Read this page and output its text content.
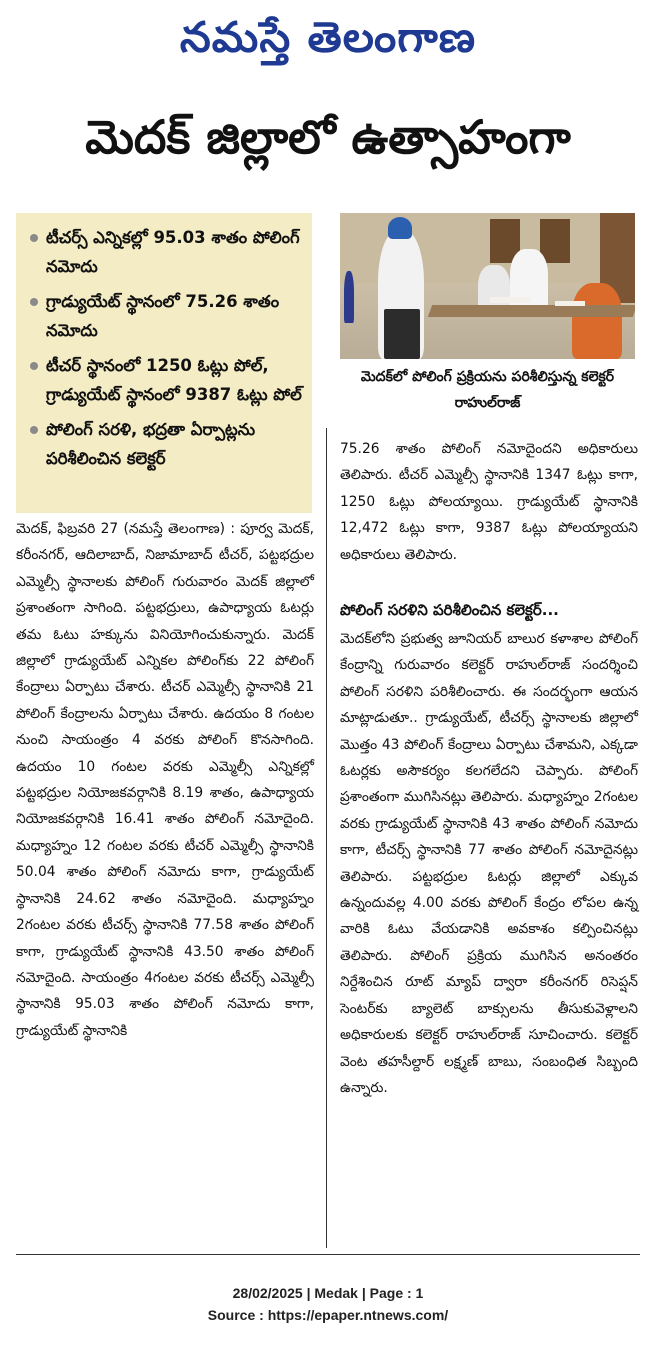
నమస్తే తెలంగాణ
మెదక్ జిల్లాలో ఉత్సాహంగా
టీచర్స్ ఎన్నికల్లో 95.03 శాతం పోలింగ్ నమోదు
గ్రాడ్యుయేట్ స్థానంలో 75.26 శాతం నమోదు
టీచర్ స్థానంలో 1250 ఓట్లు పోల్, గ్రాడ్యుయేట్ స్థానంలో 9387 ఓట్లు పోల్
పోలింగ్ సరళి, భద్రతా ఏర్పాట్లను పరిశీలించిన కలెక్టర్
మెదక్‌లో పోలింగ్ ప్రక్రియను పరిశీలిస్తున్న కలెక్టర్ రాహుల్‌రాజ్

మెదక్, ఫిబ్రవరి 27 (నమస్తే తెలంగాణ) : పూర్వ మెదక్, కరీంనగర్, ఆదిలాబాద్, నిజామాబాద్ టీచర్, పట్టభద్రుల ఎమ్మెల్సీ స్థానాలకు పోలింగ్ గురువారం మెదక్ జిల్లాలో ప్రశాంతంగా సాగింది. పట్టభద్రులు, ఉపాధ్యాయ ఓటర్లు తమ ఓటు హక్కును వినియోగించుకున్నారు. మెదక్ జిల్లాలో గ్రాడ్యుయేట్ ఎన్నికల పోలింగ్‌కు 22 పోలింగ్ కేంద్రాలు ఏర్పాటు చేశారు. టీచర్ ఎమ్మెల్సీ స్థానానికి 21 పోలింగ్ కేంద్రాలను ఏర్పాటు చేశారు. ఉదయం 8 గంటల నుంచి సాయంత్రం 4 వరకు పోలింగ్ కొనసాగింది. ఉదయం 10 గంటల వరకు ఎమ్మెల్సీ ఎన్నికల్లో పట్టభద్రుల నియోజకవర్గానికి 8.19 శాతం, ఉపాధ్యాయ నియోజకవర్గానికి 16.41 శాతం పోలింగ్ నమోదైంది. మధ్యాహ్నం 12 గంటల వరకు టీచర్ ఎమ్మెల్సీ స్థానానికి 50.04 శాతం పోలింగ్ నమోదు కాగా, గ్రాడ్యుయేట్ స్థానానికి 24.62 శాతం నమోదైంది. మధ్యాహ్నం 2గంటల వరకు టీచర్స్ స్థానానికి 77.58 శాతం పోలింగ్ కాగా, గ్రాడ్యుయేట్ స్థానానికి 43.50 శాతం పోలింగ్ నమోదైంది. సాయంత్రం 4గంటల వరకు టీచర్స్ ఎమ్మెల్సీ స్థానానికి 95.03 శాతం పోలింగ్ నమోదు కాగా, గ్రాడ్యుయేట్ స్థానానికి

75.26 శాతం పోలింగ్ నమోదైందని అధికారులు తెలిపారు. టీచర్ ఎమ్మెల్సీ స్థానానికి 1347 ఓట్లు కాగా, 1250 ఓట్లు పోలయ్యాయి. గ్రాడ్యుయేట్ స్థానానికి 12,472 ఓట్లు కాగా, 9387 ఓట్లు పోలయ్యాయని అధికారులు తెలిపారు.

పోలింగ్ సరళిని పరిశీలించిన కలెక్టర్...

మెదక్‌లోని ప్రభుత్వ జూనియర్ బాలుర కళాశాల పోలింగ్ కేంద్రాన్ని గురువారం కలెక్టర్ రాహుల్‌రాజ్ సందర్శించి పోలింగ్ సరళిని పరిశీలించారు. ఈ సందర్భంగా ఆయన మాట్లాడుతూ.. గ్రాడ్యుయేట్, టీచర్స్ స్థానాలకు జిల్లాలో మొత్తం 43 పోలింగ్ కేంద్రాలు ఏర్పాటు చేశామని, ఎక్కడా ఓటర్లకు అసౌకర్యం కలగలేదని చెప్పారు. పోలింగ్ ప్రశాంతంగా ముగిసినట్లు తెలిపారు. మధ్యాహ్నం 2గంటల వరకు గ్రాడ్యుయేట్ స్థానానికి 43 శాతం పోలింగ్ నమోదు కాగా, టీచర్స్ స్థానానికి 77 శాతం పోలింగ్ నమోదైనట్లు తెలిపారు. పట్టభద్రుల ఓటర్లు జిల్లాలో ఎక్కువ ఉన్నందువల్ల 4.00 వరకు పోలింగ్ కేంద్రం లోపల ఉన్న వారికి ఓటు వేయడానికి అవకాశం కల్పించినట్లు తెలిపారు. పోలింగ్ ప్రక్రియ ముగిసిన అనంతరం నిర్దేశించిన రూట్ మ్యాప్ ద్వారా కరీంనగర్ రిసెప్షన్ సెంటర్‌కు బ్యాలెట్ బాక్సులను తీసుకువెళ్లాలని అధికారులకు కలెక్టర్ రాహుల్‌రాజ్ సూచించారు. కలెక్టర్ వెంట తహసీల్దార్ లక్ష్మణ్ బాబు, సంబంధిత సిబ్బంది ఉన్నారు.

28/02/2025 | Medak | Page : 1
Source : https://epaper.ntnews.com/
